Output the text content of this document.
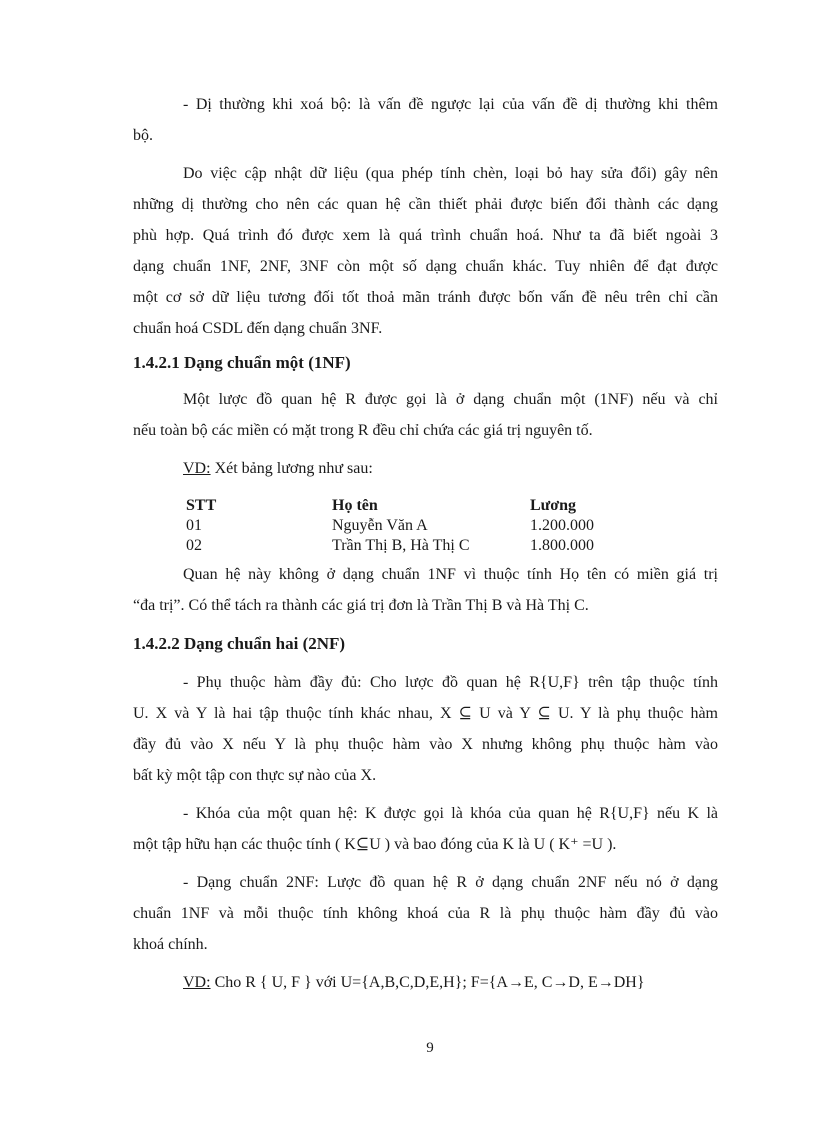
- Dị thường khi xoá bộ: là vấn đề ngược lại của vấn đề dị thường khi thêm
bộ.
Do việc cập nhật dữ liệu (qua phép tính chèn, loại bỏ hay sửa đổi) gây nên
những dị thường cho nên các quan hệ cần thiết phải được biến đổi thành các dạng
phù hợp. Quá trình đó được xem là quá trình chuẩn hoá. Như ta đã biết ngoài 3
dạng chuẩn 1NF, 2NF, 3NF còn một số dạng chuẩn khác. Tuy nhiên để đạt được
một cơ sở dữ liệu tương đối tốt thoả mãn tránh được bốn vấn đề nêu trên chỉ cần
chuẩn hoá CSDL đến dạng chuẩn 3NF.
1.4.2.1 Dạng chuẩn một (1NF)
Một lược đồ quan hệ R được gọi là ở dạng chuẩn một (1NF) nếu và chỉ
nếu toàn bộ các miền có mặt trong R đều chỉ chứa các giá trị nguyên tố.
VD: Xét bảng lương như sau:
STT	Họ tên	Lương
01	Nguyễn Văn A	1.200.000
02	Trần Thị B, Hà Thị C	1.800.000
Quan hệ này không ở dạng chuẩn 1NF vì thuộc tính Họ tên có miền giá trị
“đa trị”. Có thể tách ra thành các giá trị đơn là Trần Thị B và Hà Thị C.
1.4.2.2 Dạng chuẩn hai (2NF)
- Phụ thuộc hàm đầy đủ: Cho lược đồ quan hệ R{U,F} trên tập thuộc tính
U. X và Y là hai tập thuộc tính khác nhau, X ⊆ U và Y ⊆ U. Y là phụ thuộc hàm
đầy đủ vào X nếu Y là phụ thuộc hàm vào X nhưng không phụ thuộc hàm vào
bất kỳ một tập con thực sự nào của X.
- Khóa của một quan hệ: K được gọi là khóa của quan hệ R{U,F} nếu K là
một tập hữu hạn các thuộc tính ( K⊆U ) và bao đóng của K là U ( K⁺ =U ).
- Dạng chuẩn 2NF: Lược đồ quan hệ R ở dạng chuẩn 2NF nếu nó ở dạng
chuẩn 1NF và mỗi thuộc tính không khoá của R là phụ thuộc hàm đầy đủ vào
khoá chính.
VD: Cho R { U, F } với U={A,B,C,D,E,H}; F={A→E, C→D, E→DH}
9
